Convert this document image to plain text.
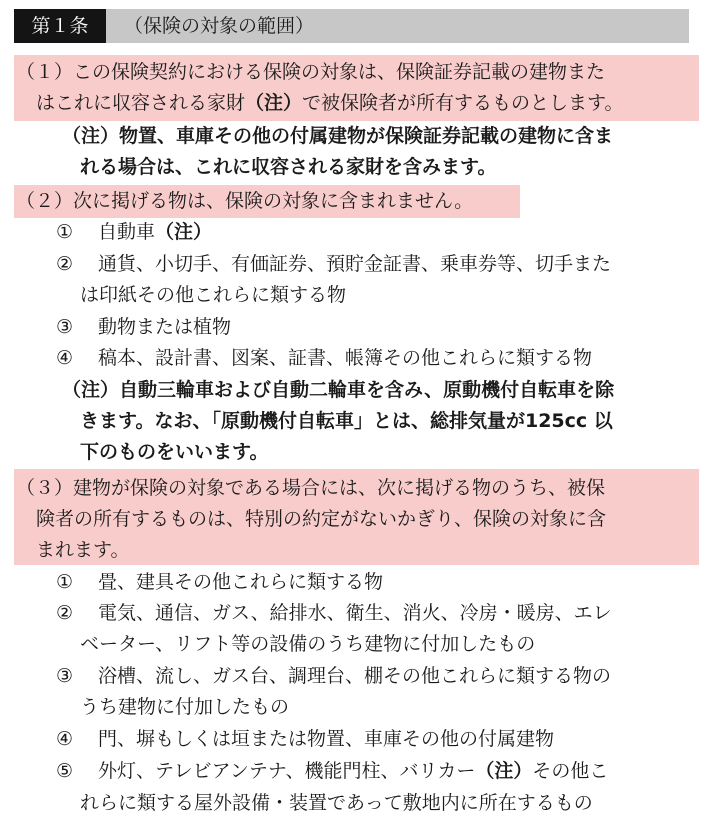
第１条	（保険の対象の範囲）
（１）この保険契約における保険の対象は、保険証券記載の建物また
はこれに収容される家財（注）で被保険者が所有するものとします。
（注）物置、車庫その他の付属建物が保険証券記載の建物に含ま
れる場合は、これに収容される家財を含みます。
（２）次に掲げる物は、保険の対象に含まれません。
① 自動車（注）
② 通貨、小切手、有価証券、預貯金証書、乗車券等、切手また
は印紙その他これらに類する物
③ 動物または植物
④ 稿本、設計書、図案、証書、帳簿その他これらに類する物
（注）自動三輪車および自動二輪車を含み、原動機付自転車を除
きます。なお、「原動機付自転車」とは、総排気量が125cc 以
下のものをいいます。
（３）建物が保険の対象である場合には、次に掲げる物のうち、被保
険者の所有するものは、特別の約定がないかぎり、保険の対象に含
まれます。
① 畳、建具その他これらに類する物
② 電気、通信、ガス、給排水、衛生、消火、冷房・暖房、エレ
ベーター、リフト等の設備のうち建物に付加したもの
③ 浴槽、流し、ガス台、調理台、棚その他これらに類する物の
うち建物に付加したもの
④ 門、塀もしくは垣または物置、車庫その他の付属建物
⑤ 外灯、テレビアンテナ、機能門柱、バリカー（注）その他こ
れらに類する屋外設備・装置であって敷地内に所在するもの
